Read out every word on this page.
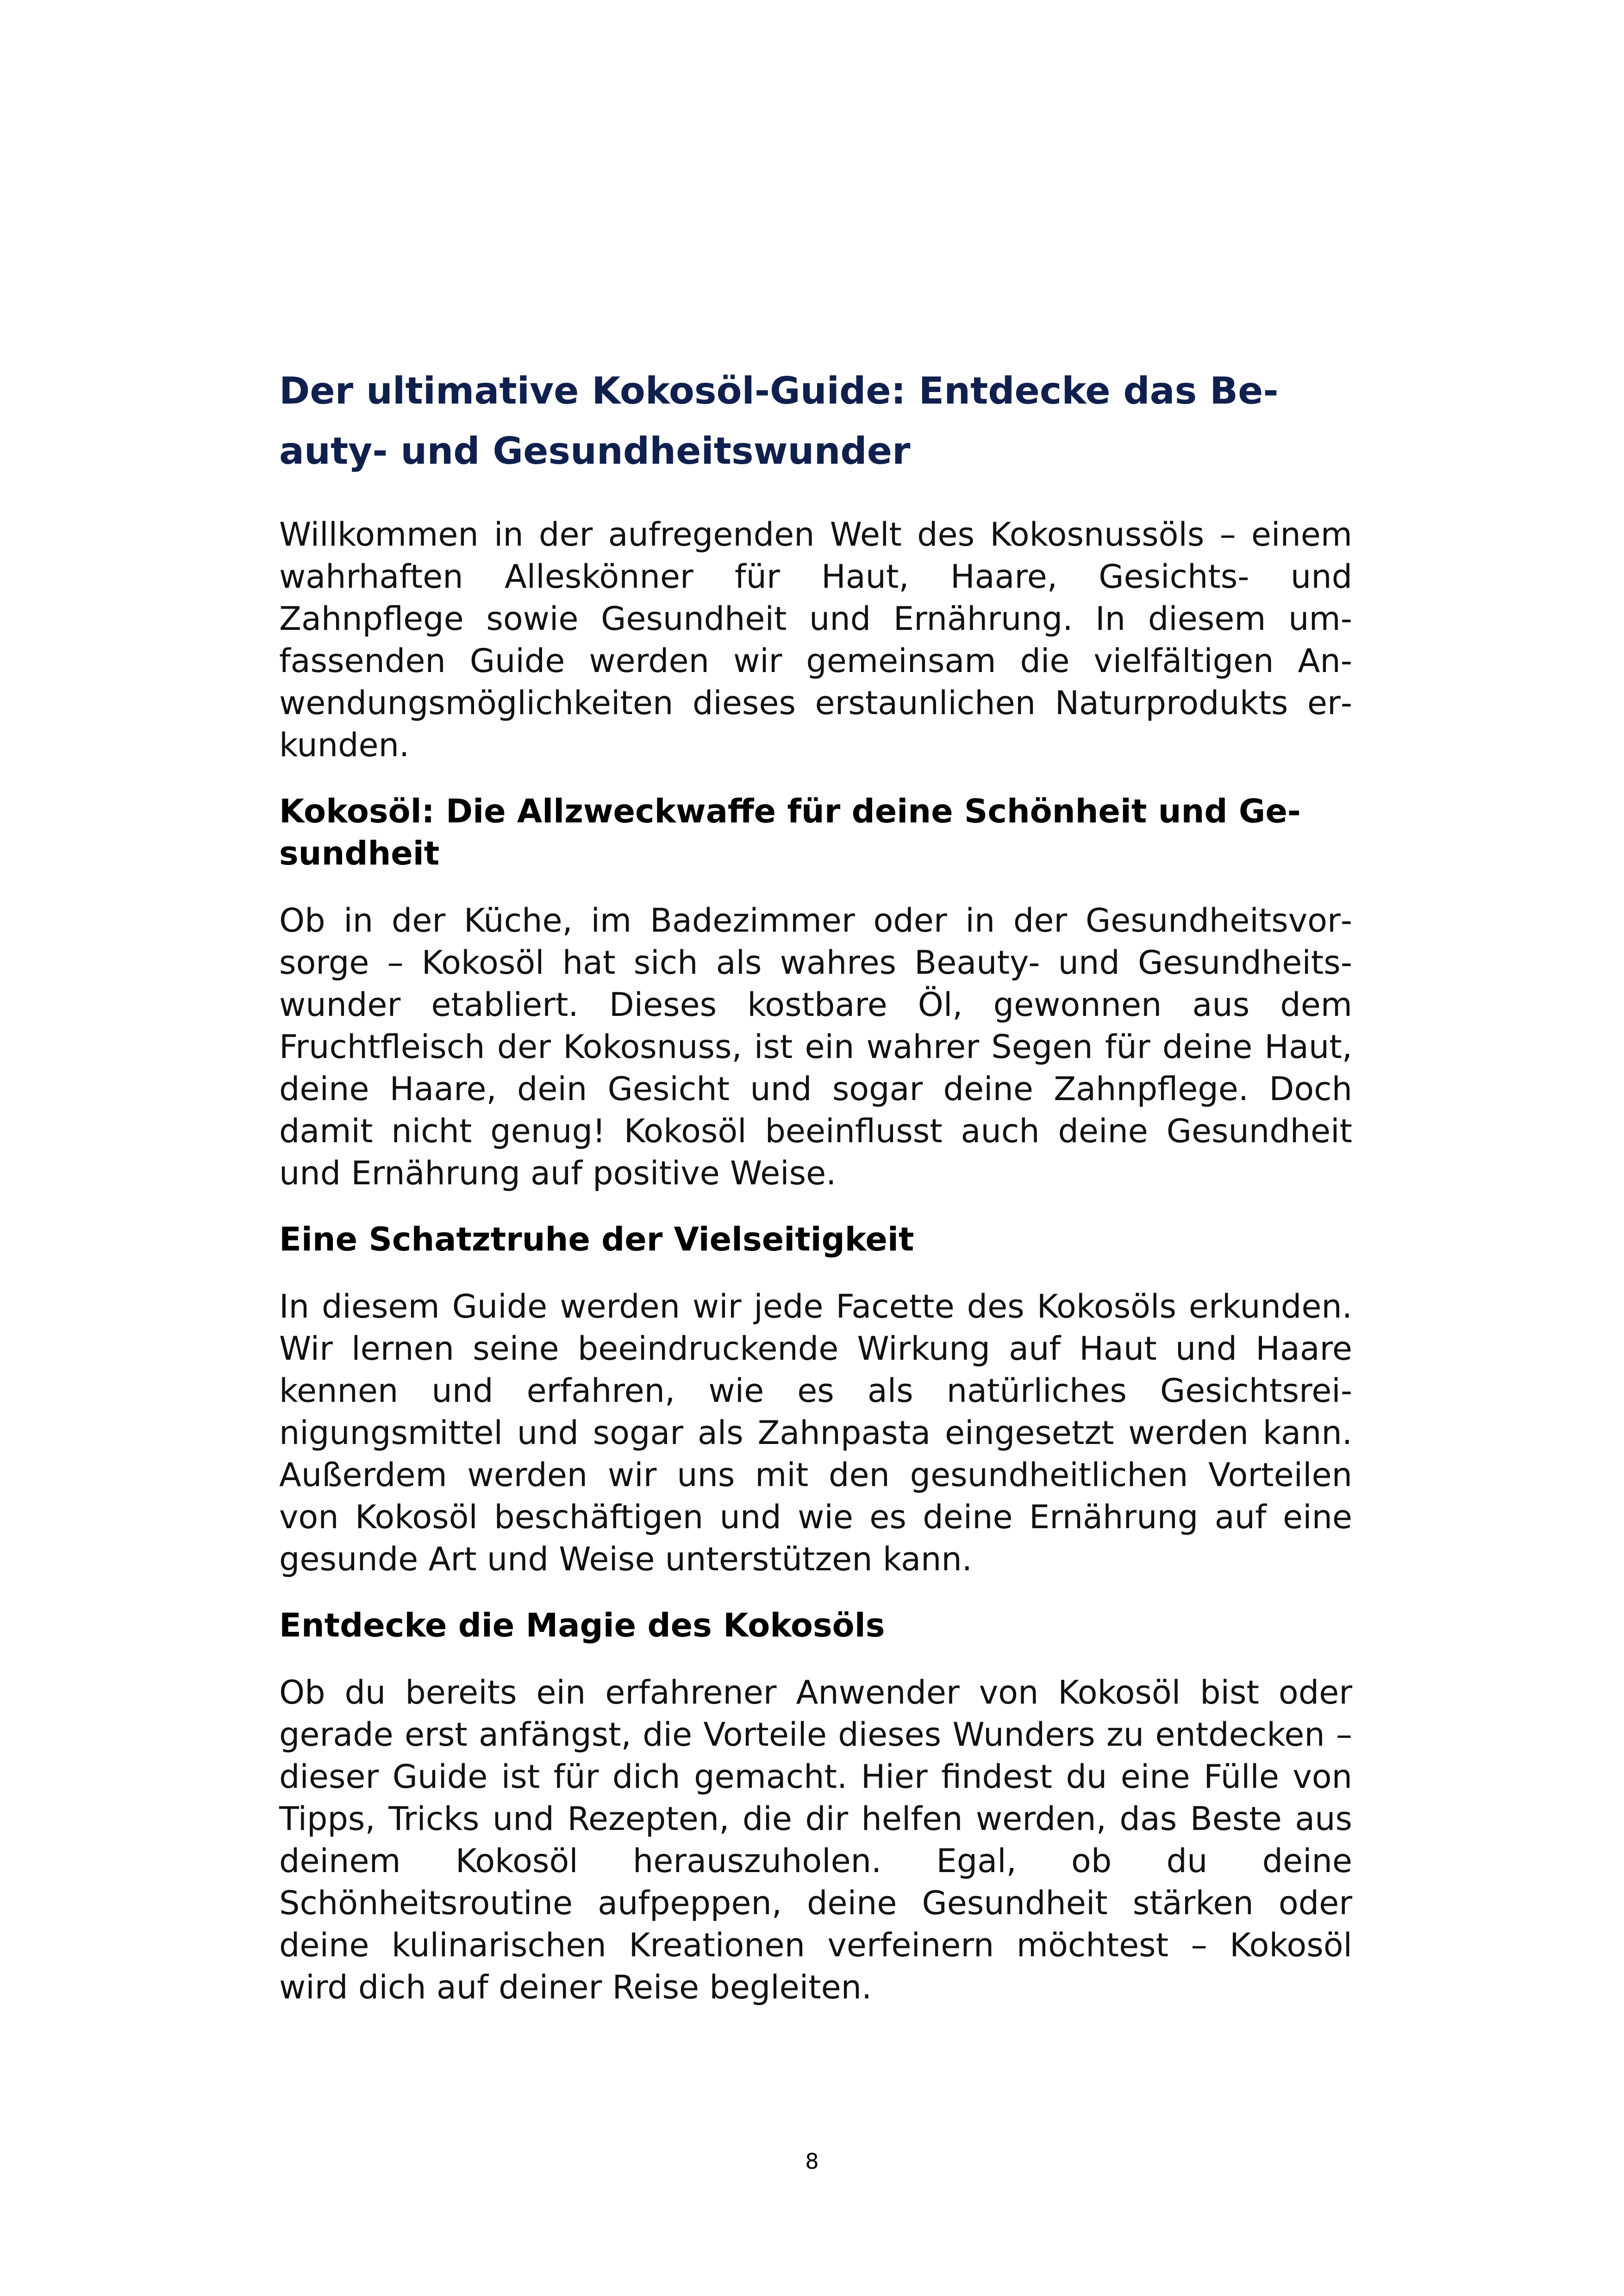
Der ultimative Kokosöl-Guide: Entdecke das Beauty- und Gesundheitswunder

Willkommen in der aufregenden Welt des Kokosnussöls – einem wahrhaften Alleskönner für Haut, Haare, Gesichts- und Zahnpflege sowie Gesundheit und Ernährung. In diesem umfassenden Guide werden wir gemeinsam die vielfältigen Anwendungsmöglichkeiten dieses erstaunlichen Naturprodukts erkunden.

Kokosöl: Die Allzweckwaffe für deine Schönheit und Gesundheit

Ob in der Küche, im Badezimmer oder in der Gesundheitsvorsorge – Kokosöl hat sich als wahres Beauty- und Gesundheitswunder etabliert. Dieses kostbare Öl, gewonnen aus dem Fruchtfleisch der Kokosnuss, ist ein wahrer Segen für deine Haut, deine Haare, dein Gesicht und sogar deine Zahnpflege. Doch damit nicht genug! Kokosöl beeinflusst auch deine Gesundheit und Ernährung auf positive Weise.

Eine Schatztruhe der Vielseitigkeit

In diesem Guide werden wir jede Facette des Kokosöls erkunden. Wir lernen seine beeindruckende Wirkung auf Haut und Haare kennen und erfahren, wie es als natürliches Gesichtsreinigungsmittel und sogar als Zahnpasta eingesetzt werden kann. Außerdem werden wir uns mit den gesundheitlichen Vorteilen von Kokosöl beschäftigen und wie es deine Ernährung auf eine gesunde Art und Weise unterstützen kann.

Entdecke die Magie des Kokosöls

Ob du bereits ein erfahrener Anwender von Kokosöl bist oder gerade erst anfängst, die Vorteile dieses Wunders zu entdecken – dieser Guide ist für dich gemacht. Hier findest du eine Fülle von Tipps, Tricks und Rezepten, die dir helfen werden, das Beste aus deinem Kokosöl herauszuholen. Egal, ob du deine Schönheitsroutine aufpeppen, deine Gesundheit stärken oder deine kulinarischen Kreationen verfeinern möchtest – Kokosöl wird dich auf deiner Reise begleiten.

8
